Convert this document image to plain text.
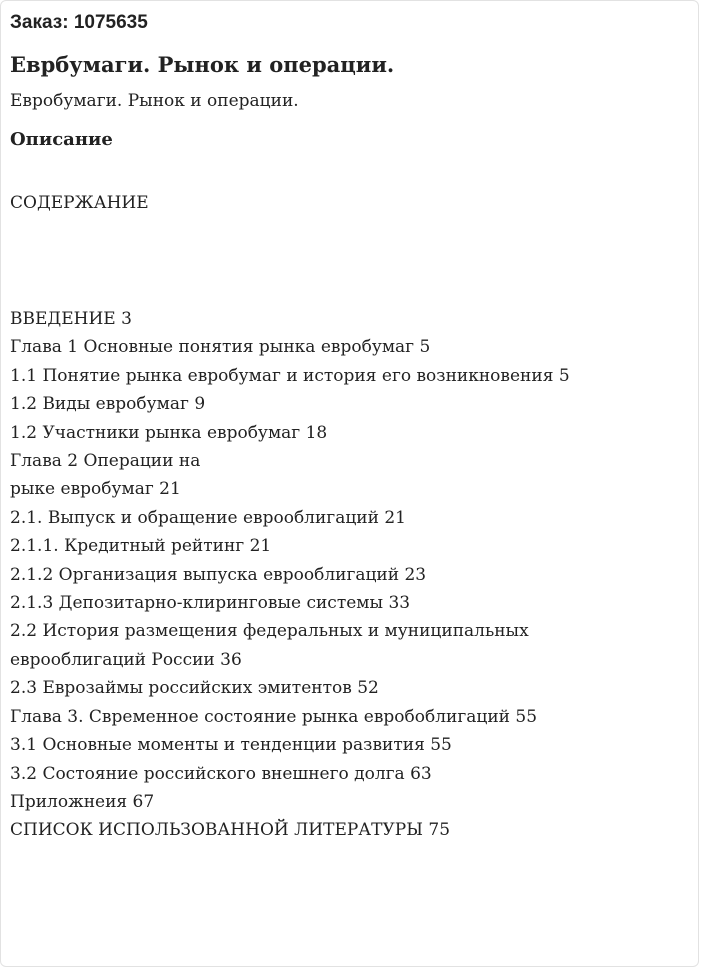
Заказ: 1075635
Еврбумаги. Рынок и операции.
Евробумаги. Рынок и операции.
Описание
СОДЕРЖАНИЕ
ВВЕДЕНИЕ 3
Глава 1 Основные понятия рынка евробумаг 5
1.1 Понятие рынка евробумаг и история его возникновения 5
1.2 Виды евробумаг 9
1.2 Участники рынка евробумаг 18
Глава 2 Операции на
рыке евробумаг 21
2.1. Выпуск и обращение еврооблигаций 21
2.1.1. Кредитный рейтинг 21
2.1.2 Организация выпуска еврооблигаций 23
2.1.3 Депозитарно-клиринговые системы 33
2.2 История размещения федеральных и муниципальных
еврооблигаций России 36
2.3 Еврозаймы российских эмитентов 52
Глава 3. Свременное состояние рынка евробоблигаций 55
3.1 Основные моменты и тенденции развития 55
3.2 Состояние российского внешнего долга 63
Приложнеия 67
СПИСОК ИСПОЛЬЗОВАННОЙ ЛИТЕРАТУРЫ 75
